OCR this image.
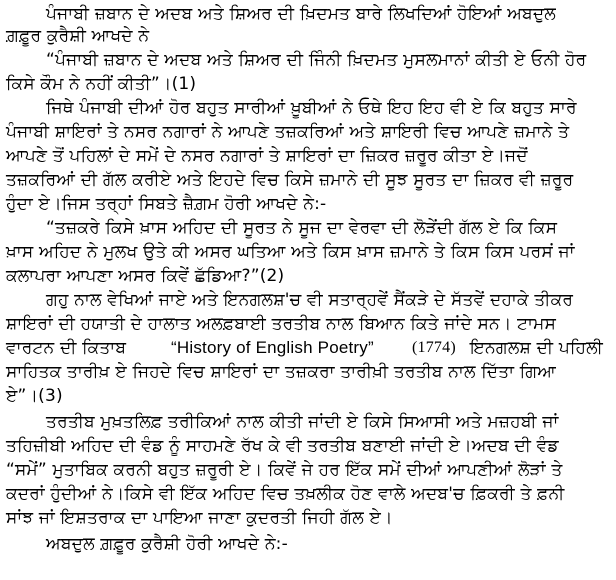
ਪੰਜਾਬੀ ਜ਼ਬਾਨ ਦੇ ਅਦਬ ਅਤੇ ਸ਼ਿਅਰ ਦੀ ਖ਼ਿਦਮਤ ਬਾਰੇ ਲਿਖਦਿਆਂ ਹੋਇਆਂ ਅਬਦੁਲ
ਗ਼ਫ਼ੂਰ ਕੁਰੈਸ਼ੀ ਆਖਦੇ ਨੇ
“ਪੰਜਾਬੀ ਜ਼ਬਾਨ ਦੇ ਅਦਬ ਅਤੇ ਸ਼ਿਅਰ ਦੀ ਜਿੰਨੀ ਖ਼ਿਦਮਤ ਮੁਸਲਮਾਨਾਂ ਕੀਤੀ ਏ ਓਨੀ ਹੋਰ
ਕਿਸੇ ਕੌਮ ਨੇ ਨਹੀਂ ਕੀਤੀ”।(1)
ਜਿਥੇ ਪੰਜਾਬੀ ਦੀਆਂ ਹੋਰ ਬਹੁਤ ਸਾਰੀਆਂ ਖ਼ੂਬੀਆਂ ਨੇ ਓਥੇ ਇਹ ਇਹ ਵੀ ਏ ਕਿ ਬਹੁਤ ਸਾਰੇ
ਪੰਜਾਬੀ ਸ਼ਾਇਰਾਂ ਤੇ ਨਸਰ ਨਗਾਰਾਂ ਨੇ ਆਪਣੇ ਤਜ਼ਕਰਿਆਂ ਅਤੇ ਸ਼ਾਇਰੀ ਵਿਚ ਆਪਣੇ ਜ਼ਮਾਨੇ ਤੇ
ਆਪਣੇ ਤੋਂ ਪਹਿਲਾਂ ਦੇ ਸਮੇਂ ਦੇ ਨਸਰ ਨਗਾਰਾਂ ਤੇ ਸ਼ਾਇਰਾਂ ਦਾ ਜ਼ਿਕਰ ਜ਼ਰੂਰ ਕੀਤਾ ਏ।ਜਦੋਂ
ਤਜ਼ਕਰਿਆਂ ਦੀ ਗੱਲ ਕਰੀਏ ਅਤੇ ਇਹਦੇ ਵਿਚ ਕਿਸੇ ਜ਼ਮਾਨੇ ਦੀ ਸੂਝ ਸੂਰਤ ਦਾ ਜ਼ਿਕਰ ਵੀ ਜ਼ਰੂਰ
ਹੁੰਦਾ ਏ।ਜਿਸ ਤਰ੍ਹਾਂ ਸਿਬਤੇ ਜ਼ੈਗ਼ਮ ਹੋਰੀ ਆਖਦੇ ਨੇ:-
“ਤਜ਼ਕਰੇ ਕਿਸੇ ਖ਼ਾਸ ਅਹਿਦ ਦੀ ਸੂਰਤ ਨੇ ਸੂਜ ਦਾ ਵੇਰਵਾ ਦੀ ਲੋੜੇਂਦੀ ਗੱਲ ਏ ਕਿ ਕਿਸ
ਖ਼ਾਸ ਅਹਿਦ ਨੇ ਮੁਲਖ ਉਤੇ ਕੀ ਅਸਰ ਘਤਿਆ ਅਤੇ ਕਿਸ ਖ਼ਾਸ ਜ਼ਮਾਨੇ ਤੇ ਕਿਸ ਕਿਸ ਪਰਸਂ ਜਾਂ
ਕਲਾਪਰਾ ਆਪਣਾ ਅਸਰ ਕਿਵੇਂ ਛੱਡਿਆ?”(2)
ਗਹੁ ਨਾਲ ਵੇਖਿਆਂ ਜਾਏ ਅਤੇ ਇਨਗਲਸ਼'ਚ ਵੀ ਸਤਾਰ੍ਹਵੇਂ ਸੈਂਕੜੇ ਦੇ ਸੱਤਵੇਂ ਦਹਾਕੇ ਤੀਕਰ
ਸ਼ਾਇਰਾਂ ਦੀ ਹਯਾਤੀ ਦੇ ਹਾਲਾਤ ਅਲਫ਼ਬਾਈ ਤਰਤੀਬ ਨਾਲ ਬਿਆਨ ਕਿਤੇ ਜਾਂਦੇ ਸਨ। ਟਾਮਸ
ਵਾਰਟਨ ਦੀ ਕਿਤਾਬ	“History of English Poetry” (1774) ਇਨਗਲਸ਼ ਦੀ ਪਹਿਲੀ
ਸਾਹਿਤਕ ਤਾਰੀਖ਼ ਏ ਜਿਹਦੇ ਵਿਚ ਸ਼ਾਇਰਾਂ ਦਾ ਤਜ਼ਕਰਾ ਤਾਰੀਖ਼ੀ ਤਰਤੀਬ ਨਾਲ ਦਿੱਤਾ ਗਿਆ
ਏ”।(3)
ਤਰਤੀਬ ਮੁਖ਼ਤਲਿਫ਼ ਤਰੀਕਿਆਂ ਨਾਲ ਕੀਤੀ ਜਾਂਦੀ ਏ ਕਿਸੇ ਸਿਆਸੀ ਅਤੇ ਮਜ਼ਹਬੀ ਜਾਂ
ਤਹਿਜ਼ੀਬੀ ਅਹਿਦ ਦੀ ਵੰਡ ਨੂੰ ਸਾਹਮਣੇ ਰੱਖ ਕੇ ਵੀ ਤਰਤੀਬ ਬਣਾਈ ਜਾਂਦੀ ਏ।ਅਦਬ ਦੀ ਵੰਡ
“ਸਮੇਂ” ਮੁਤਾਬਿਕ ਕਰਨੀ ਬਹੁਤ ਜ਼ਰੂਰੀ ਏ। ਕਿਵੇਂ ਜੇ ਹਰ ਇੱਕ ਸਮੇਂ ਦੀਆਂ ਆਪਣੀਆਂ ਲੋੜਾਂ ਤੇ
ਕਦਰਾਂ ਹੁੰਦੀਆਂ ਨੇ।ਕਿਸੇ ਵੀ ਇੱਕ ਅਹਿਦ ਵਿਚ ਤਖ਼ਲੀਕ ਹੋਣ ਵਾਲੇ ਅਦਬ'ਚ ਫ਼ਿਕਰੀ ਤੇ ਫ਼ਨੀ
ਸਾਂਝ ਜਾਂ ਇਸ਼ਤਰਾਕ ਦਾ ਪਾਇਆ ਜਾਣਾ ਕੁਦਰਤੀ ਜਿਹੀ ਗੱਲ ਏ।
ਅਬਦੁਲ ਗ਼ਫ਼ੂਰ ਕੁਰੈਸ਼ੀ ਹੋਰੀ ਆਖਦੇ ਨੇ:-
